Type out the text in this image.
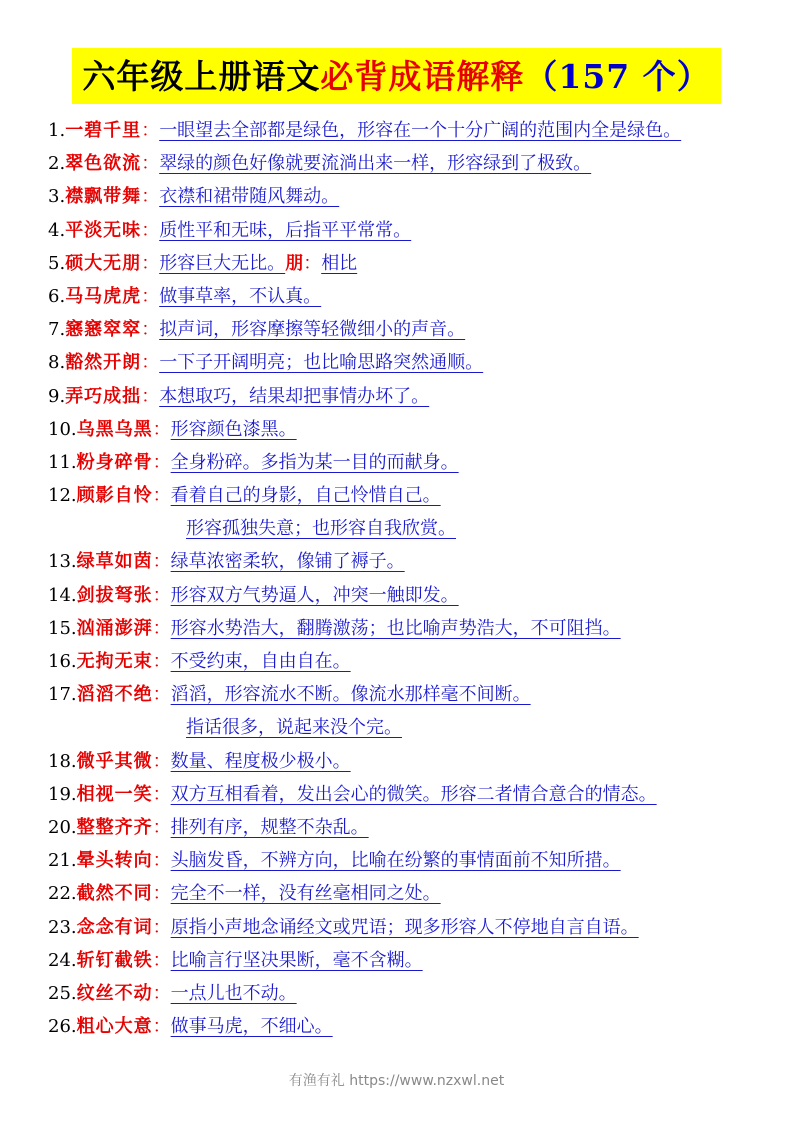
六年级上册语文必背成语解释（157 个）
1.一碧千里：一眼望去全部都是绿色，形容在一个十分广阔的范围内全是绿色。
2.翠色欲流：翠绿的颜色好像就要流淌出来一样，形容绿到了极致。
3.襟飘带舞：衣襟和裙带随风舞动。
4.平淡无味：质性平和无味，后指平平常常。
5.硕大无朋：形容巨大无比。朋：相比
6.马马虎虎：做事草率，不认真。
7.窸窸窣窣：拟声词，形容摩擦等轻微细小的声音。
8.豁然开朗：一下子开阔明亮；也比喻思路突然通顺。
9.弄巧成拙：本想取巧，结果却把事情办坏了。
10.乌黑乌黑：形容颜色漆黑。
11.粉身碎骨：全身粉碎。多指为某一目的而献身。
12.顾影自怜：看着自己的身影，自己怜惜自己。
形容孤独失意；也形容自我欣赏。
13.绿草如茵：绿草浓密柔软，像铺了褥子。
14.剑拔弩张：形容双方气势逼人，冲突一触即发。
15.汹涌澎湃：形容水势浩大，翻腾激荡；也比喻声势浩大，不可阻挡。
16.无拘无束：不受约束，自由自在。
17.滔滔不绝：滔滔，形容流水不断。像流水那样毫不间断。
指话很多，说起来没个完。
18.微乎其微：数量、程度极少极小。
19.相视一笑：双方互相看着，发出会心的微笑。形容二者情合意合的情态。
20.整整齐齐：排列有序，规整不杂乱。
21.晕头转向：头脑发昏，不辨方向，比喻在纷繁的事情面前不知所措。
22.截然不同：完全不一样，没有丝毫相同之处。
23.念念有词：原指小声地念诵经文或咒语；现多形容人不停地自言自语。
24.斩钉截铁：比喻言行坚决果断，毫不含糊。
25.纹丝不动：一点儿也不动。
26.粗心大意：做事马虎，不细心。
有渔有礼 https://www.nzxwl.net
